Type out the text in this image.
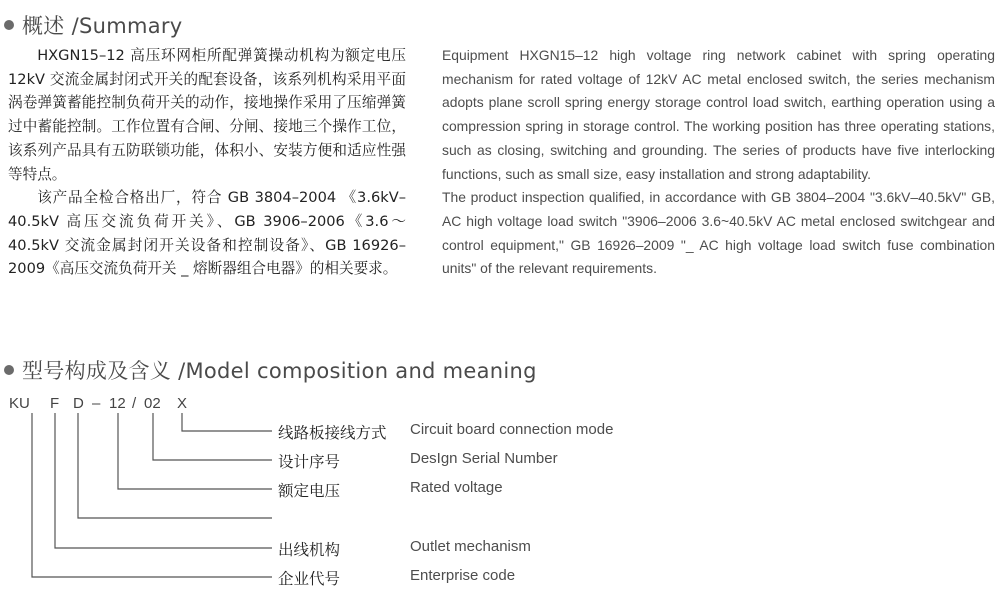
概述 /Summary

HXGN15–12 高压环网柜所配弹簧操动机构为额定电压 12kV 交流金属封闭式开关的配套设备，该系列机构采用平面涡卷弹簧蓄能控制负荷开关的动作，接地操作采用了压缩弹簧过中蓄能控制。工作位置有合闸、分闸、接地三个操作工位，该系列产品具有五防联锁功能，体积小、安装方便和适应性强等特点。

该产品全检合格出厂，符合 GB 3804–2004 《3.6kV–40.5kV 高压交流负荷开关》、GB 3906–2006《3.6～40.5kV 交流金属封闭开关设备和控制设备》、GB 16926–2009《高压交流负荷开关 _ 熔断器组合电器》的相关要求。

Equipment HXGN15–12 high voltage ring network cabinet with spring operating mechanism for rated voltage of 12kV AC metal enclosed switch, the series mechanism adopts plane scroll spring energy storage control load switch, earthing operation using a compression spring in storage control. The working position has three operating stations, such as closing, switching and grounding. The series of products have five interlocking functions, such as small size, easy installation and strong adaptability.

The product inspection qualified, in accordance with GB 3804–2004 "3.6kV–40.5kV" GB, AC high voltage load switch "3906–2006 3.6~40.5kV AC metal enclosed switchgear and control equipment," GB 16926–2009 "_ AC high voltage load switch fuse combination units" of the relevant requirements.

型号构成及含义 /Model composition and meaning
KU F D – 12 / 02 X
线路板接线方式 Circuit board connection mode
设计序号	DesIgn Serial Number
额定电压	Rated voltage
出线机构	Outlet mechanism
企业代号	Enterprise code
